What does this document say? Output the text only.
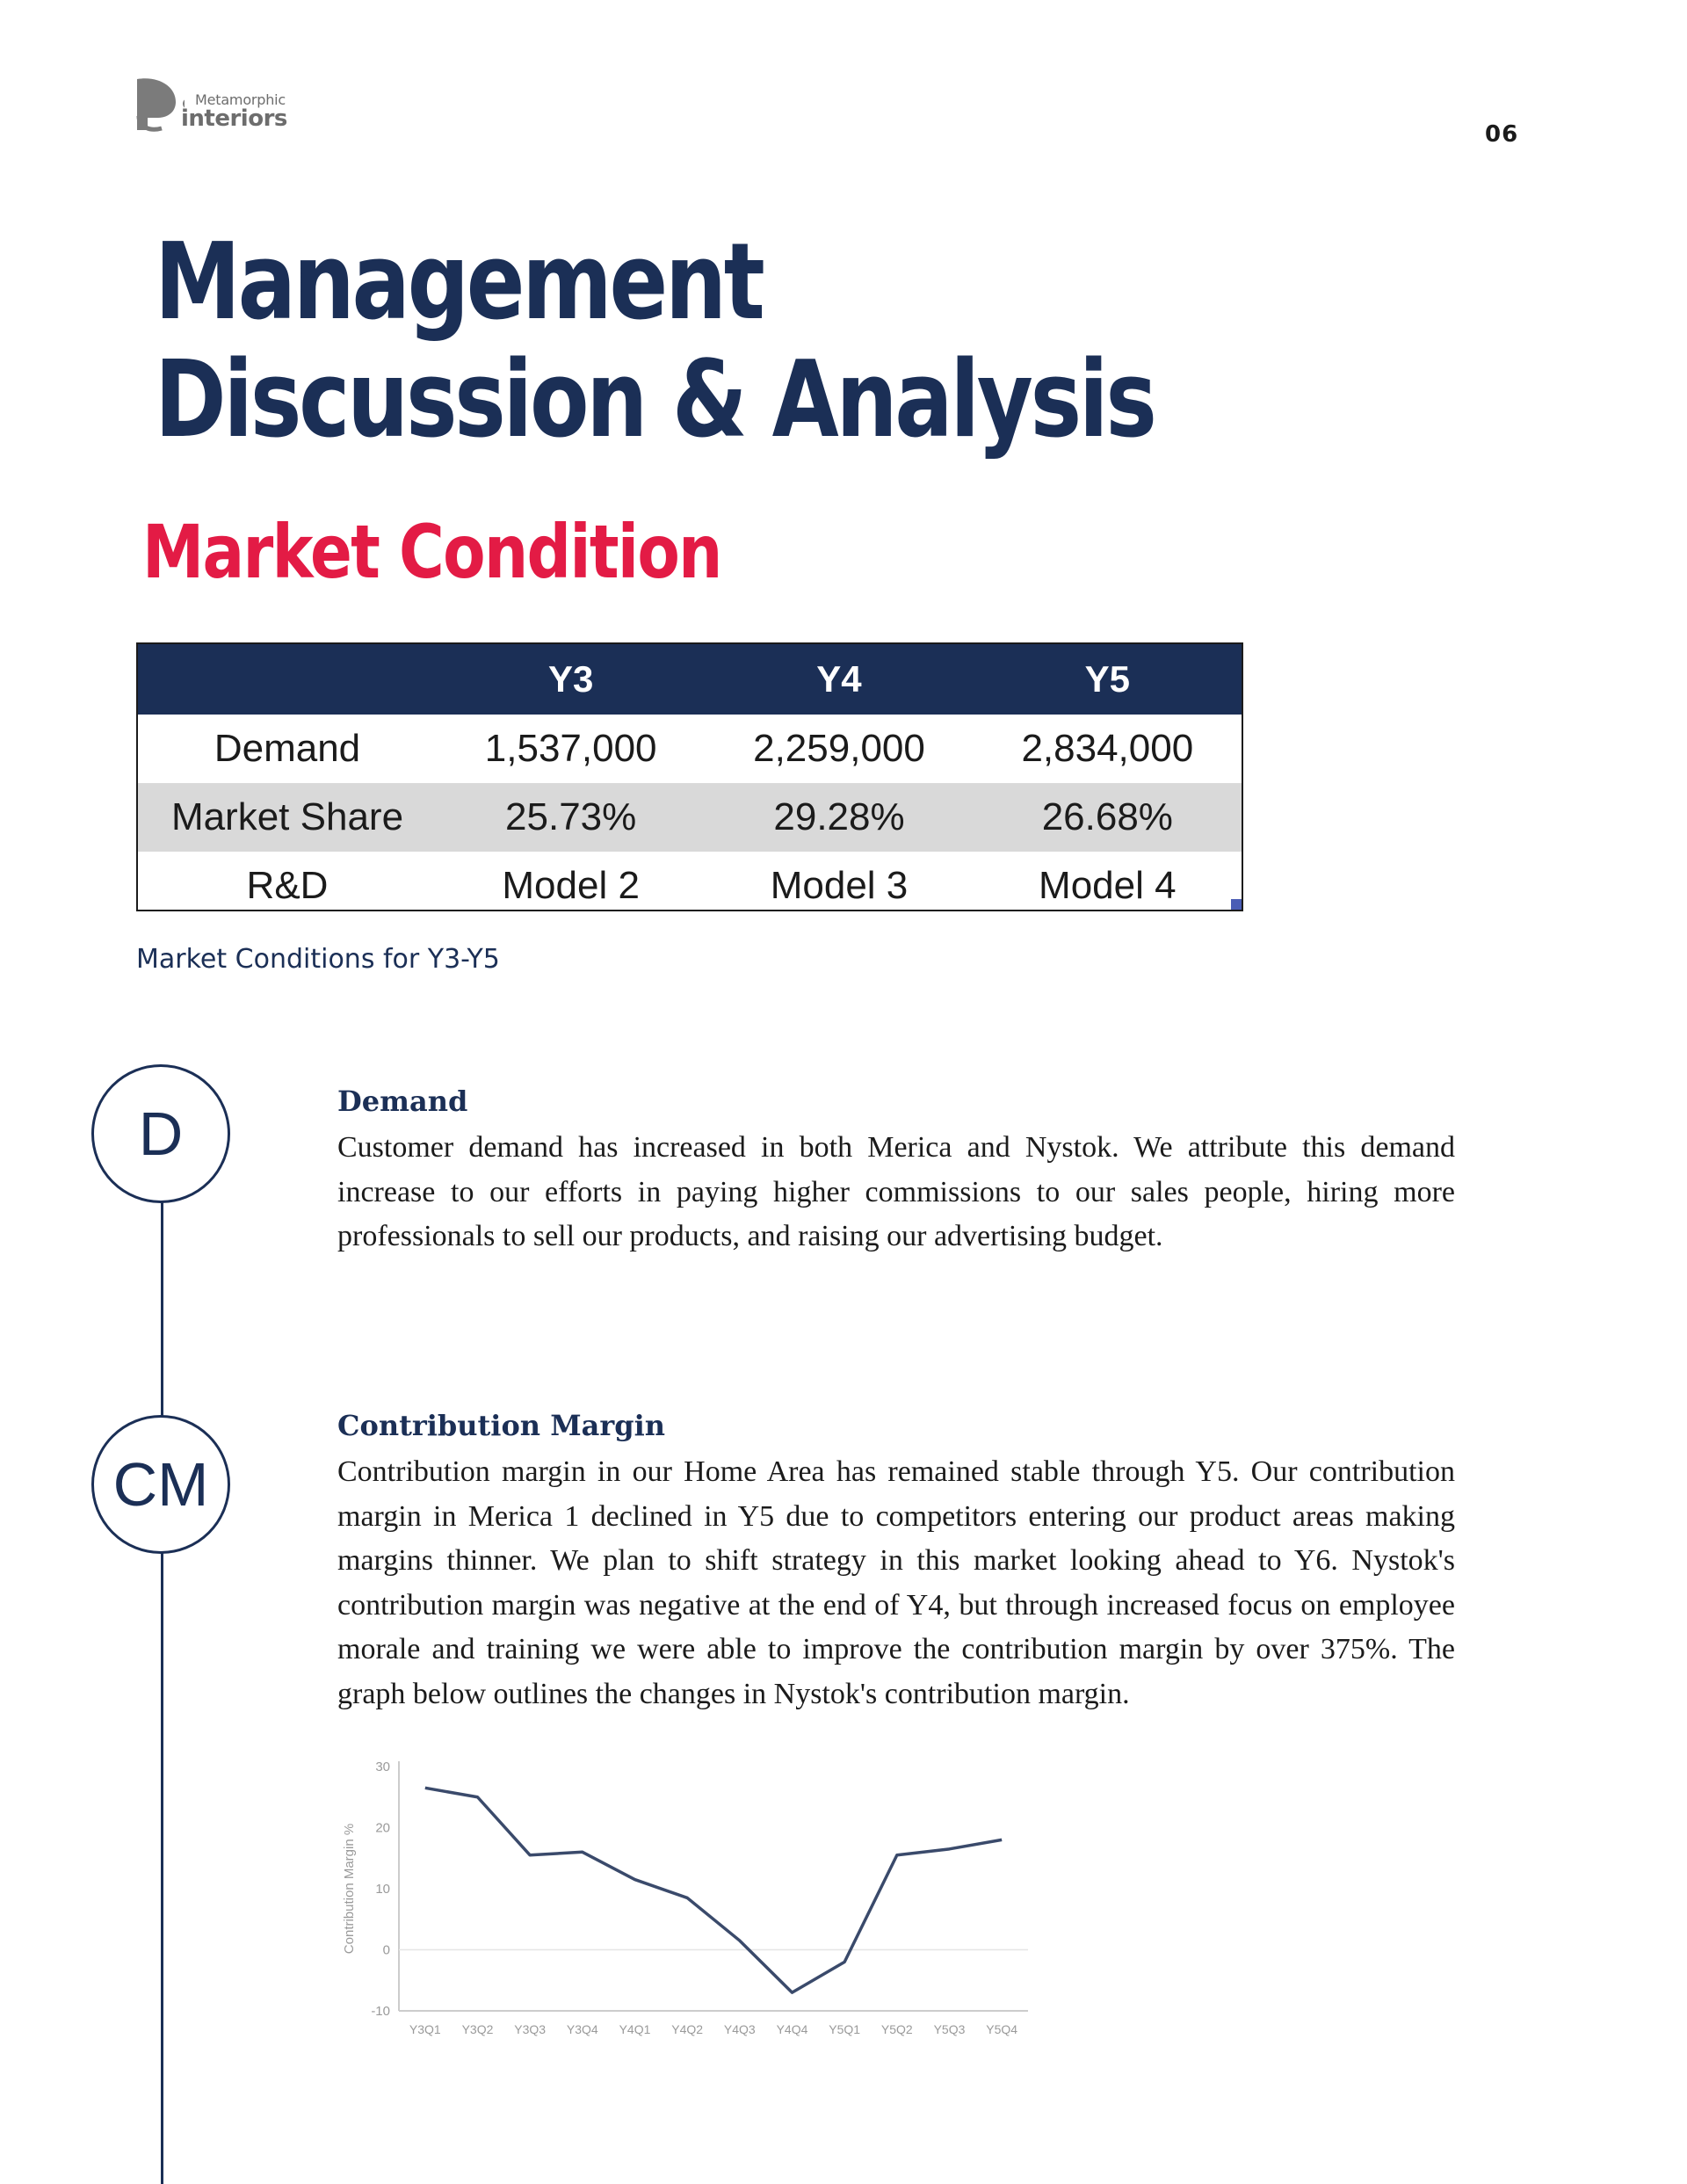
Metamorphic
interiors
06
Management
Discussion & Analysis
Market Condition
	Y3	Y4	Y5
Demand	1,537,000	2,259,000	2,834,000
Market Share	25.73%	29.28%	26.68%
R&D	Model 2	Model 3	Model 4
Market Conditions for Y3-Y5
D
CM
Demand
Customer demand has increased in both Merica and Nystok. We attribute this demand increase to our efforts in paying higher commissions to our sales people, hiring more professionals to sell our products, and raising our advertising budget.
Contribution Margin
Contribution margin in our Home Area has remained stable through Y5. Our contribution margin in Merica 1 declined in Y5 due to competitors entering our product areas making margins thinner. We plan to shift strategy in this market looking ahead to Y6. Nystok's contribution margin was negative at the end of Y4, but through increased focus on employee morale and training we were able to improve the contribution margin by over 375%. The graph below outlines the changes in Nystok's contribution margin.
30
20
10
0
-10
Y3Q1 Y3Q2 Y3Q3 Y3Q4 Y4Q1 Y4Q2 Y4Q3 Y4Q4 Y5Q1 Y5Q2 Y5Q3 Y5Q4
Contribution Margin %
